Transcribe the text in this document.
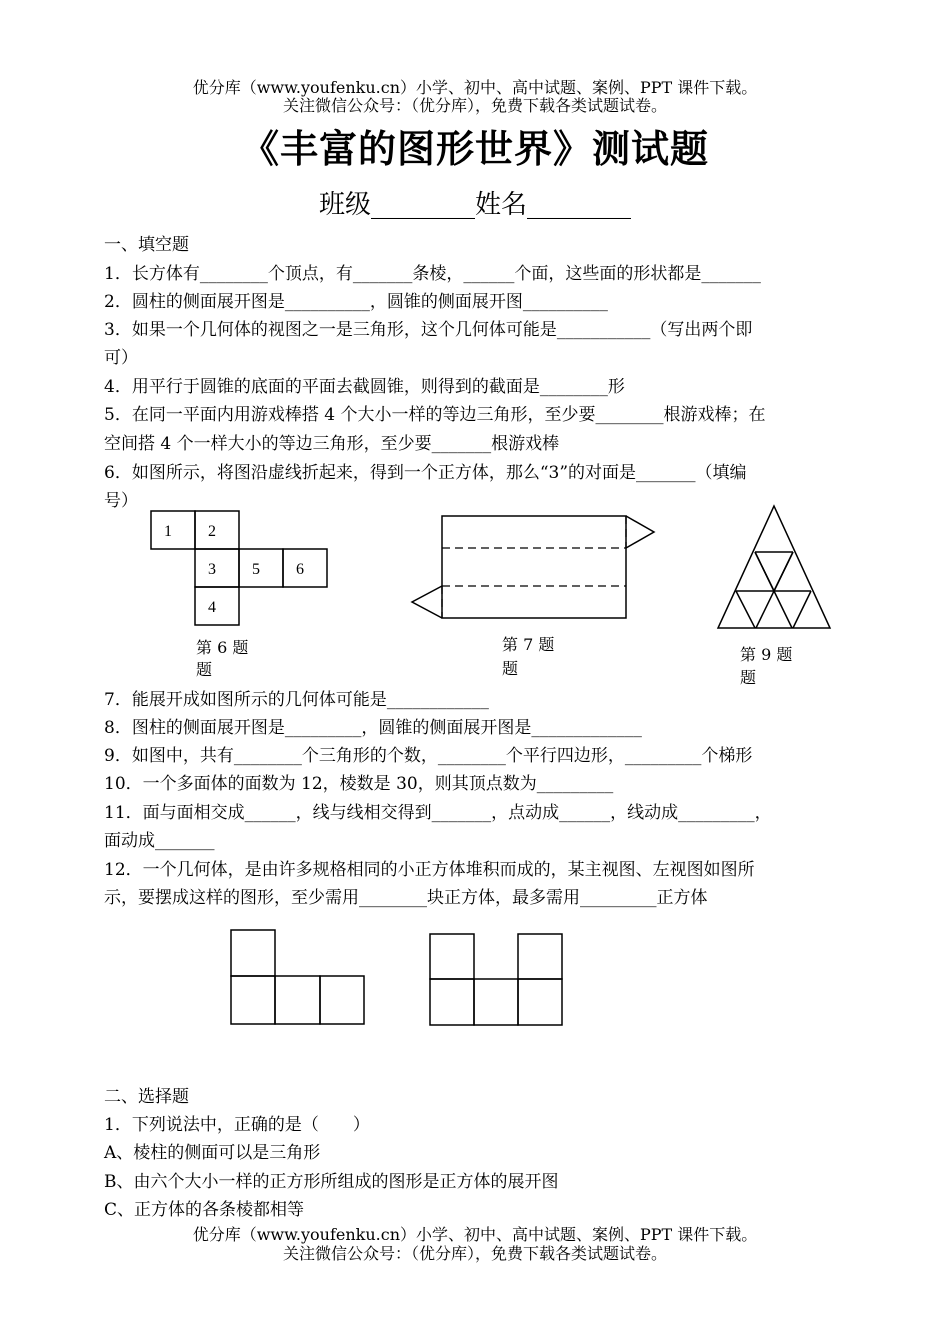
优分库（www.youfenku.cn）小学、初中、高中试题、案例、PPT 课件下载。
关注微信公众号：（优分库），免费下载各类试题试卷。
《丰富的图形世界》测试题
班级________姓名________
一、填空题
1．长方体有________个顶点，有_______条棱，______个面，这些面的形状都是_______
2．圆柱的侧面展开图是__________，圆锥的侧面展开图__________
3．如果一个几何体的视图之一是三角形，这个几何体可能是___________（写出两个即
可）
4．用平行于圆锥的底面的平面去截圆锥，则得到的截面是________形
5．在同一平面内用游戏棒搭 4 个大小一样的等边三角形，至少要________根游戏棒；在
空间搭 4 个一样大小的等边三角形，至少要_______根游戏棒
6．如图所示，将图沿虚线折起来，得到一个正方体，那么“3”的对面是_______（填编
号）
1 2
3 5 6
4
第 6 题
题
第 7 题
题
第 9 题
题
7．能展开成如图所示的几何体可能是____________
8．图柱的侧面展开图是_________，圆锥的侧面展开图是_____________
9．如图中，共有________个三角形的个数，________个平行四边形，_________个梯形
10．一个多面体的面数为 12，棱数是 30，则其顶点数为_________
11．面与面相交成______，线与线相交得到_______，点动成______，线动成_________，
面动成_______
12．一个几何体，是由许多规格相同的小正方体堆积而成的，某主视图、左视图如图所
示，要摆成这样的图形，至少需用________块正方体，最多需用_________正方体
二、选择题
1．下列说法中，正确的是（　　）
A、棱柱的侧面可以是三角形
B、由六个大小一样的正方形所组成的图形是正方体的展开图
C、正方体的各条棱都相等
优分库（www.youfenku.cn）小学、初中、高中试题、案例、PPT 课件下载。
关注微信公众号：（优分库），免费下载各类试题试卷。
